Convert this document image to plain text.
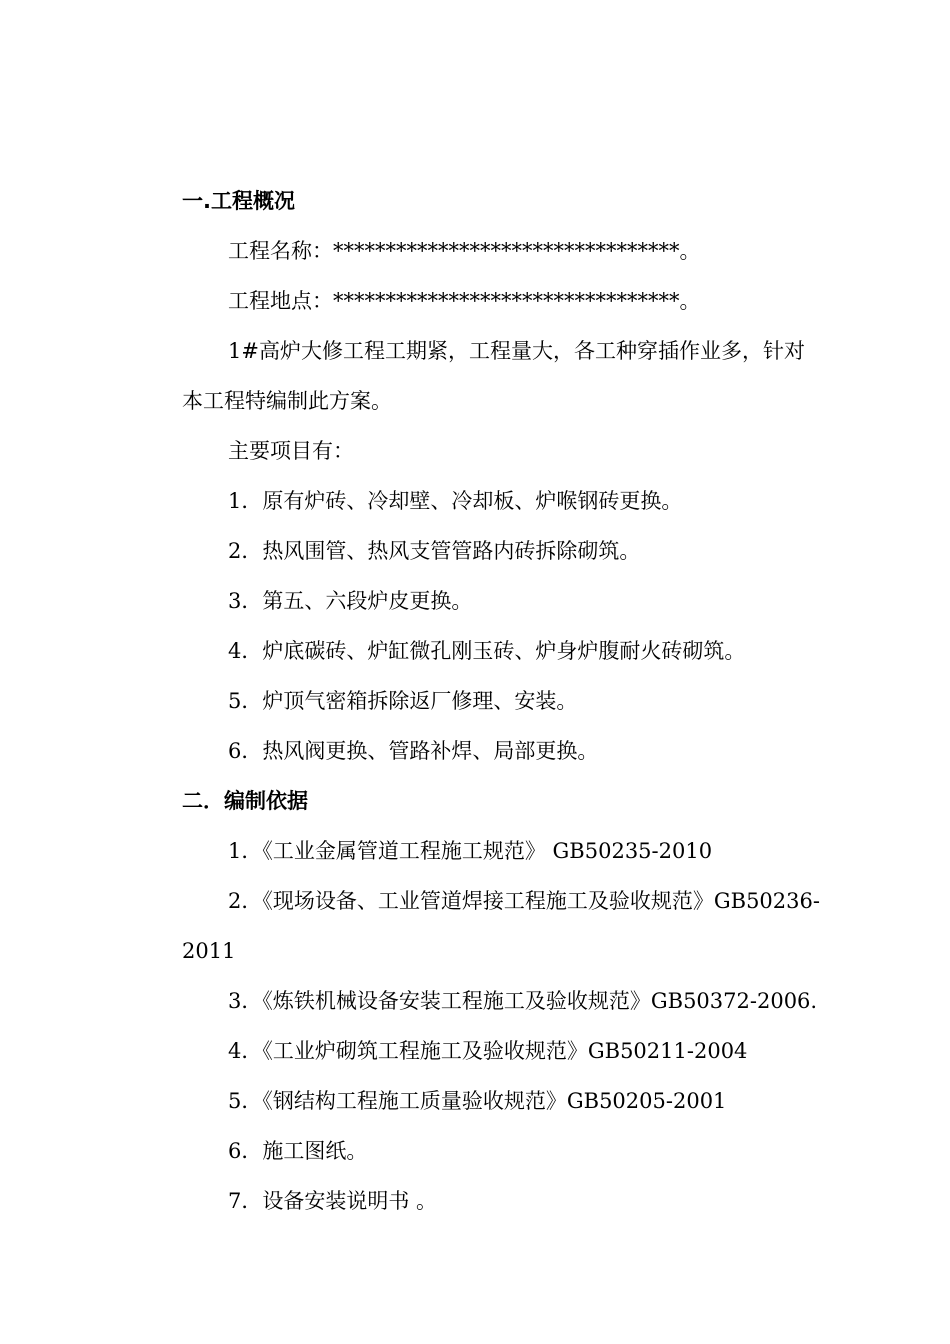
一.工程概况
工程名称：*********************************。
工程地点：*********************************。
1#高炉大修工程工期紧，工程量大，各工种穿插作业多，针对
本工程特编制此方案。
主要项目有：
1．原有炉砖、冷却壁、冷却板、炉喉钢砖更换。
2．热风围管、热风支管管路内砖拆除砌筑。
3．第五、六段炉皮更换。
4．炉底碳砖、炉缸微孔刚玉砖、炉身炉腹耐火砖砌筑。
5．炉顶气密箱拆除返厂修理、安装。
6．热风阀更换、管路补焊、局部更换。
二．编制依据
1．《工业金属管道工程施工规范》 GB50235-2010
2．《现场设备、工业管道焊接工程施工及验收规范》GB50236-
2011
3．《炼铁机械设备安装工程施工及验收规范》GB50372-2006.
4．《工业炉砌筑工程施工及验收规范》GB50211-2004
5．《钢结构工程施工质量验收规范》GB50205-2001
6．施工图纸。
7．设备安装说明书 。
